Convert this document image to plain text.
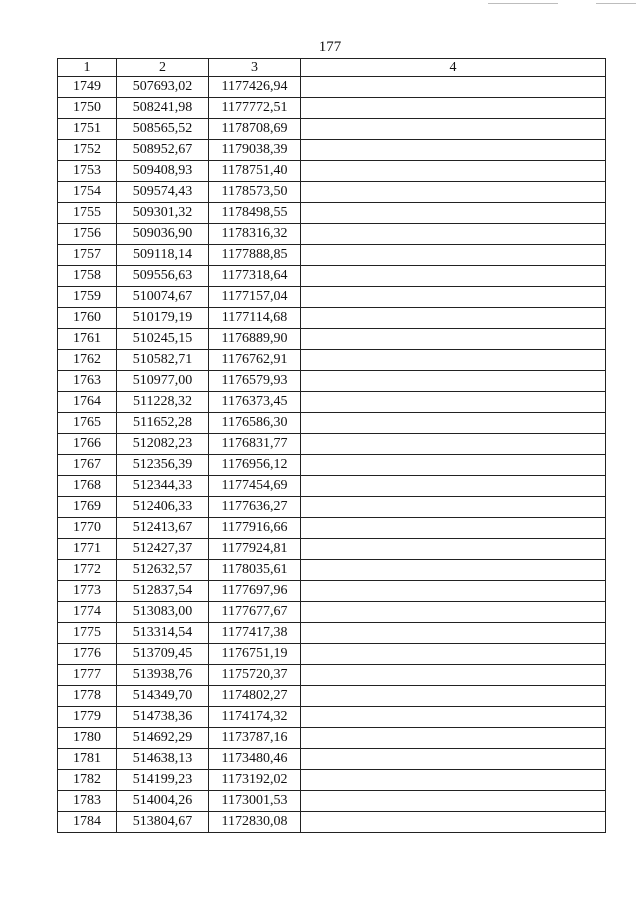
177
1	2	3	4
1749	507693,02	1177426,94	
1750	508241,98	1177772,51	
1751	508565,52	1178708,69	
1752	508952,67	1179038,39	
1753	509408,93	1178751,40	
1754	509574,43	1178573,50	
1755	509301,32	1178498,55	
1756	509036,90	1178316,32	
1757	509118,14	1177888,85	
1758	509556,63	1177318,64	
1759	510074,67	1177157,04	
1760	510179,19	1177114,68	
1761	510245,15	1176889,90	
1762	510582,71	1176762,91	
1763	510977,00	1176579,93	
1764	511228,32	1176373,45	
1765	511652,28	1176586,30	
1766	512082,23	1176831,77	
1767	512356,39	1176956,12	
1768	512344,33	1177454,69	
1769	512406,33	1177636,27	
1770	512413,67	1177916,66	
1771	512427,37	1177924,81	
1772	512632,57	1178035,61	
1773	512837,54	1177697,96	
1774	513083,00	1177677,67	
1775	513314,54	1177417,38	
1776	513709,45	1176751,19	
1777	513938,76	1175720,37	
1778	514349,70	1174802,27	
1779	514738,36	1174174,32	
1780	514692,29	1173787,16	
1781	514638,13	1173480,46	
1782	514199,23	1173192,02	
1783	514004,26	1173001,53	
1784	513804,67	1172830,08	
